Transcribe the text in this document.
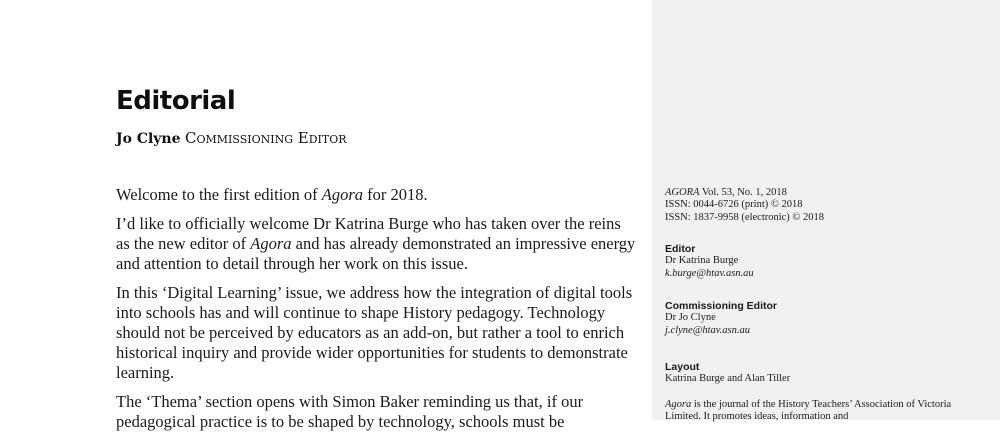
Editorial
Jo Clyne Commissioning Editor

Welcome to the first edition of Agora for 2018.

I’d like to officially welcome Dr Katrina Burge who has taken over the reins as the new editor of Agora and has already demonstrated an impressive energy and attention to detail through her work on this issue.

In this ‘Digital Learning’ issue, we address how the integration of digital tools into schools has and will continue to shape History pedagogy. Technology should not be perceived by educators as an add-on, but rather a tool to enrich historical inquiry and provide wider opportunities for students to demonstrate learning.

The ‘Thema’ section opens with Simon Baker reminding us that, if our pedagogical practice is to be shaped by technology, schools must be

AGORA Vol. 53, No. 1, 2018
ISSN: 0044-6726 (print) © 2018
ISSN: 1837-9958 (electronic) © 2018
Editor
Dr Katrina Burge
k.burge@htav.asn.au
Commissioning Editor
Dr Jo Clyne
j.clyne@htav.asn.au
Layout
Katrina Burge and Alan Tiller
Agora is the journal of the History Teachers’ Association of Victoria Limited. It promotes ideas, information and
